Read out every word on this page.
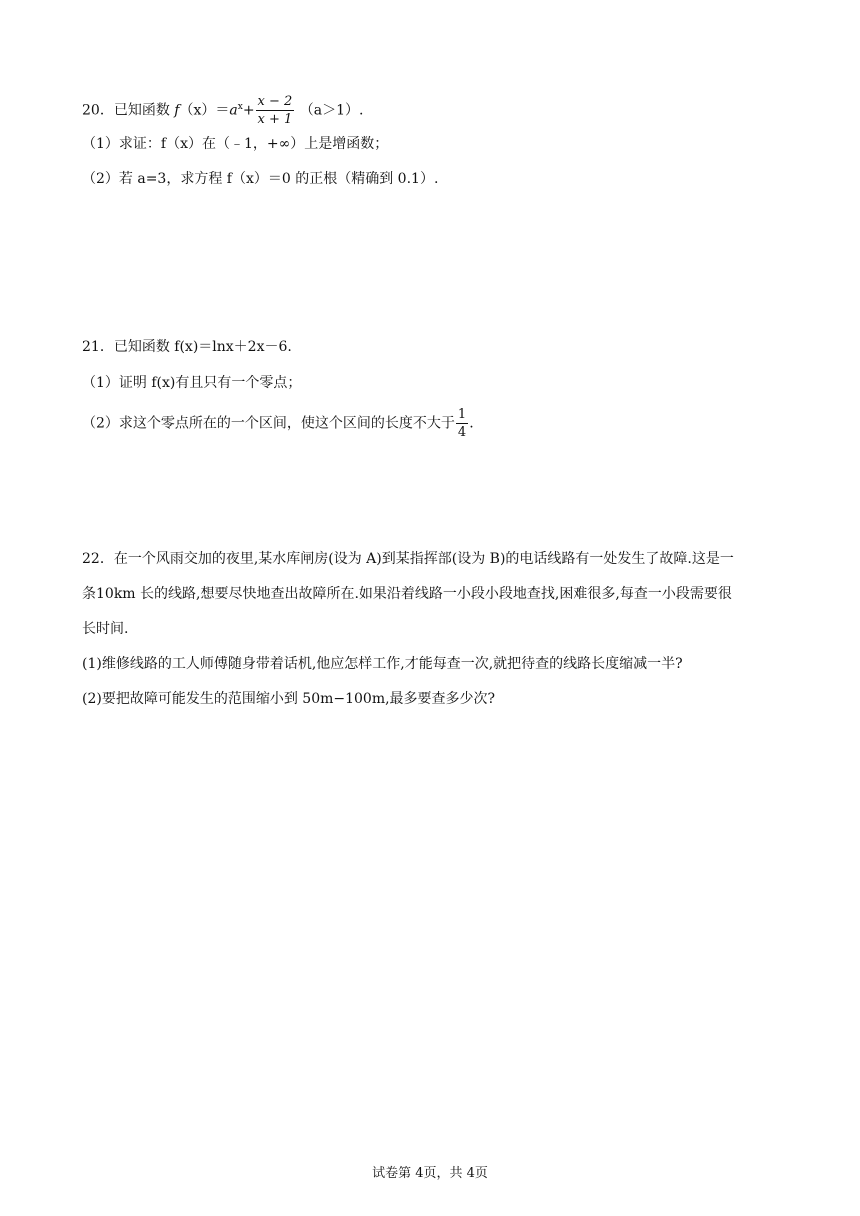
20．已知函数 $f(x)=a^x+ \frac{x - 2}{x + 1} (a>1)$.
（1）求证：f（x）在（﹣1，+∞）上是增函数；
（2）若 a=3，求方程 f（x）＝0 的正根（精确到 0.1）.
21．已知函数 f(x)＝lnx＋2x－6.
（1）证明 f(x)有且只有一个零点；
（2）求这个零点所在的一个区间，使这个区间的长度不大于 $\frac{1}{4}$ .
22．在一个风雨交加的夜里,某水库闸房(设为 A)到某指挥部(设为 B)的电话线路有一处发生了故障.这是一
条10km 长的线路,想要尽快地查出故障所在.如果沿着线路一小段小段地查找,困难很多,每查一小段需要很
长时间.
(1)维修线路的工人师傅随身带着话机,他应怎样工作,才能每查一次,就把待查的线路长度缩减一半?
(2)要把故障可能发生的范围缩小到 50m−100m,最多要查多少次?
试卷第 4页，共 4页
